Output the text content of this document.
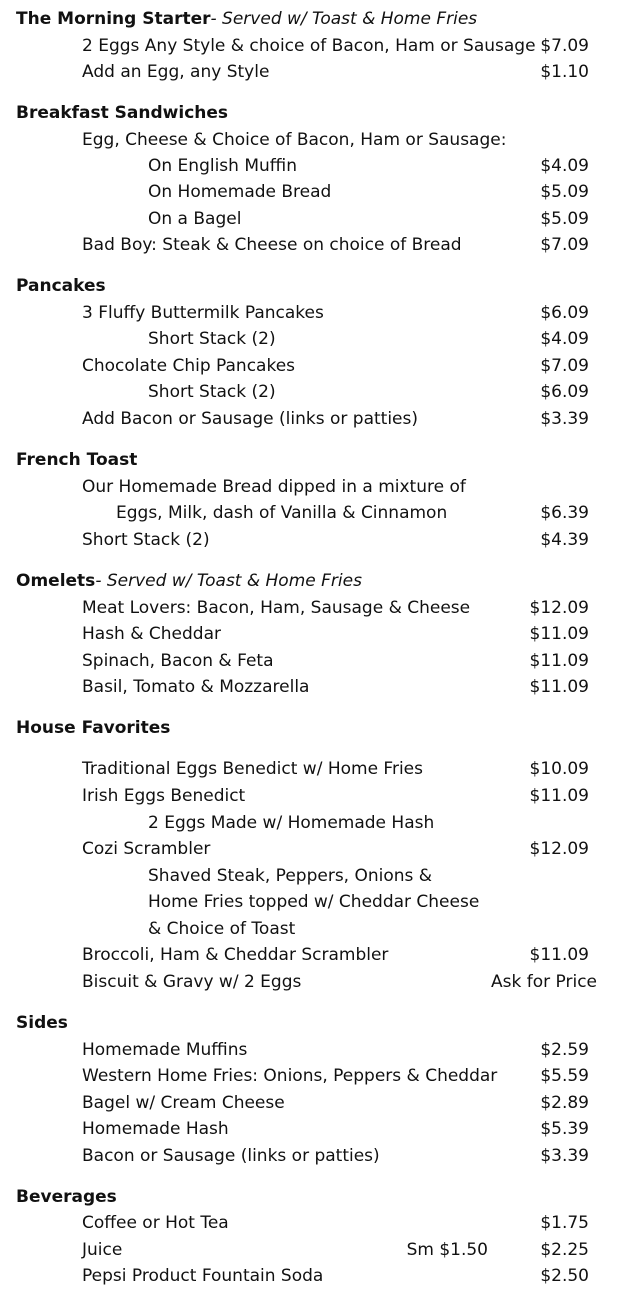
The Morning Starter- Served w/ Toast & Home Fries
2 Eggs Any Style & choice of Bacon, Ham or Sausage $7.09
Add an Egg, any Style	$1.10
Breakfast Sandwiches
Egg, Cheese & Choice of Bacon, Ham or Sausage:
On English Muffin	$4.09
On Homemade Bread	$5.09
On a Bagel	$5.09
Bad Boy: Steak & Cheese on choice of Bread	$7.09
Pancakes
3 Fluffy Buttermilk Pancakes	$6.09
Short Stack (2)	$4.09
Chocolate Chip Pancakes	$7.09
Short Stack (2)	$6.09
Add Bacon or Sausage (links or patties)	$3.39
French Toast
Our Homemade Bread dipped in a mixture of
Eggs, Milk, dash of Vanilla & Cinnamon	$6.39
Short Stack (2)	$4.39
Omelets- Served w/ Toast & Home Fries
Meat Lovers: Bacon, Ham, Sausage & Cheese	$12.09
Hash & Cheddar	$11.09
Spinach, Bacon & Feta	$11.09
Basil, Tomato & Mozzarella	$11.09
House Favorites
Traditional Eggs Benedict w/ Home Fries	$10.09
Irish Eggs Benedict	$11.09
2 Eggs Made w/ Homemade Hash
Cozi Scrambler	$12.09
Shaved Steak, Peppers, Onions &
Home Fries topped w/ Cheddar Cheese
& Choice of Toast
Broccoli, Ham & Cheddar Scrambler	$11.09
Biscuit & Gravy w/ 2 Eggs	Ask for Price
Sides
Homemade Muffins	$2.59
Western Home Fries: Onions, Peppers & Cheddar	$5.59
Bagel w/ Cream Cheese	$2.89
Homemade Hash	$5.39
Bacon or Sausage (links or patties)	$3.39
Beverages
Coffee or Hot Tea	$1.75
Juice	Sm $1.50	$2.25
Pepsi Product Fountain Soda	$2.50
